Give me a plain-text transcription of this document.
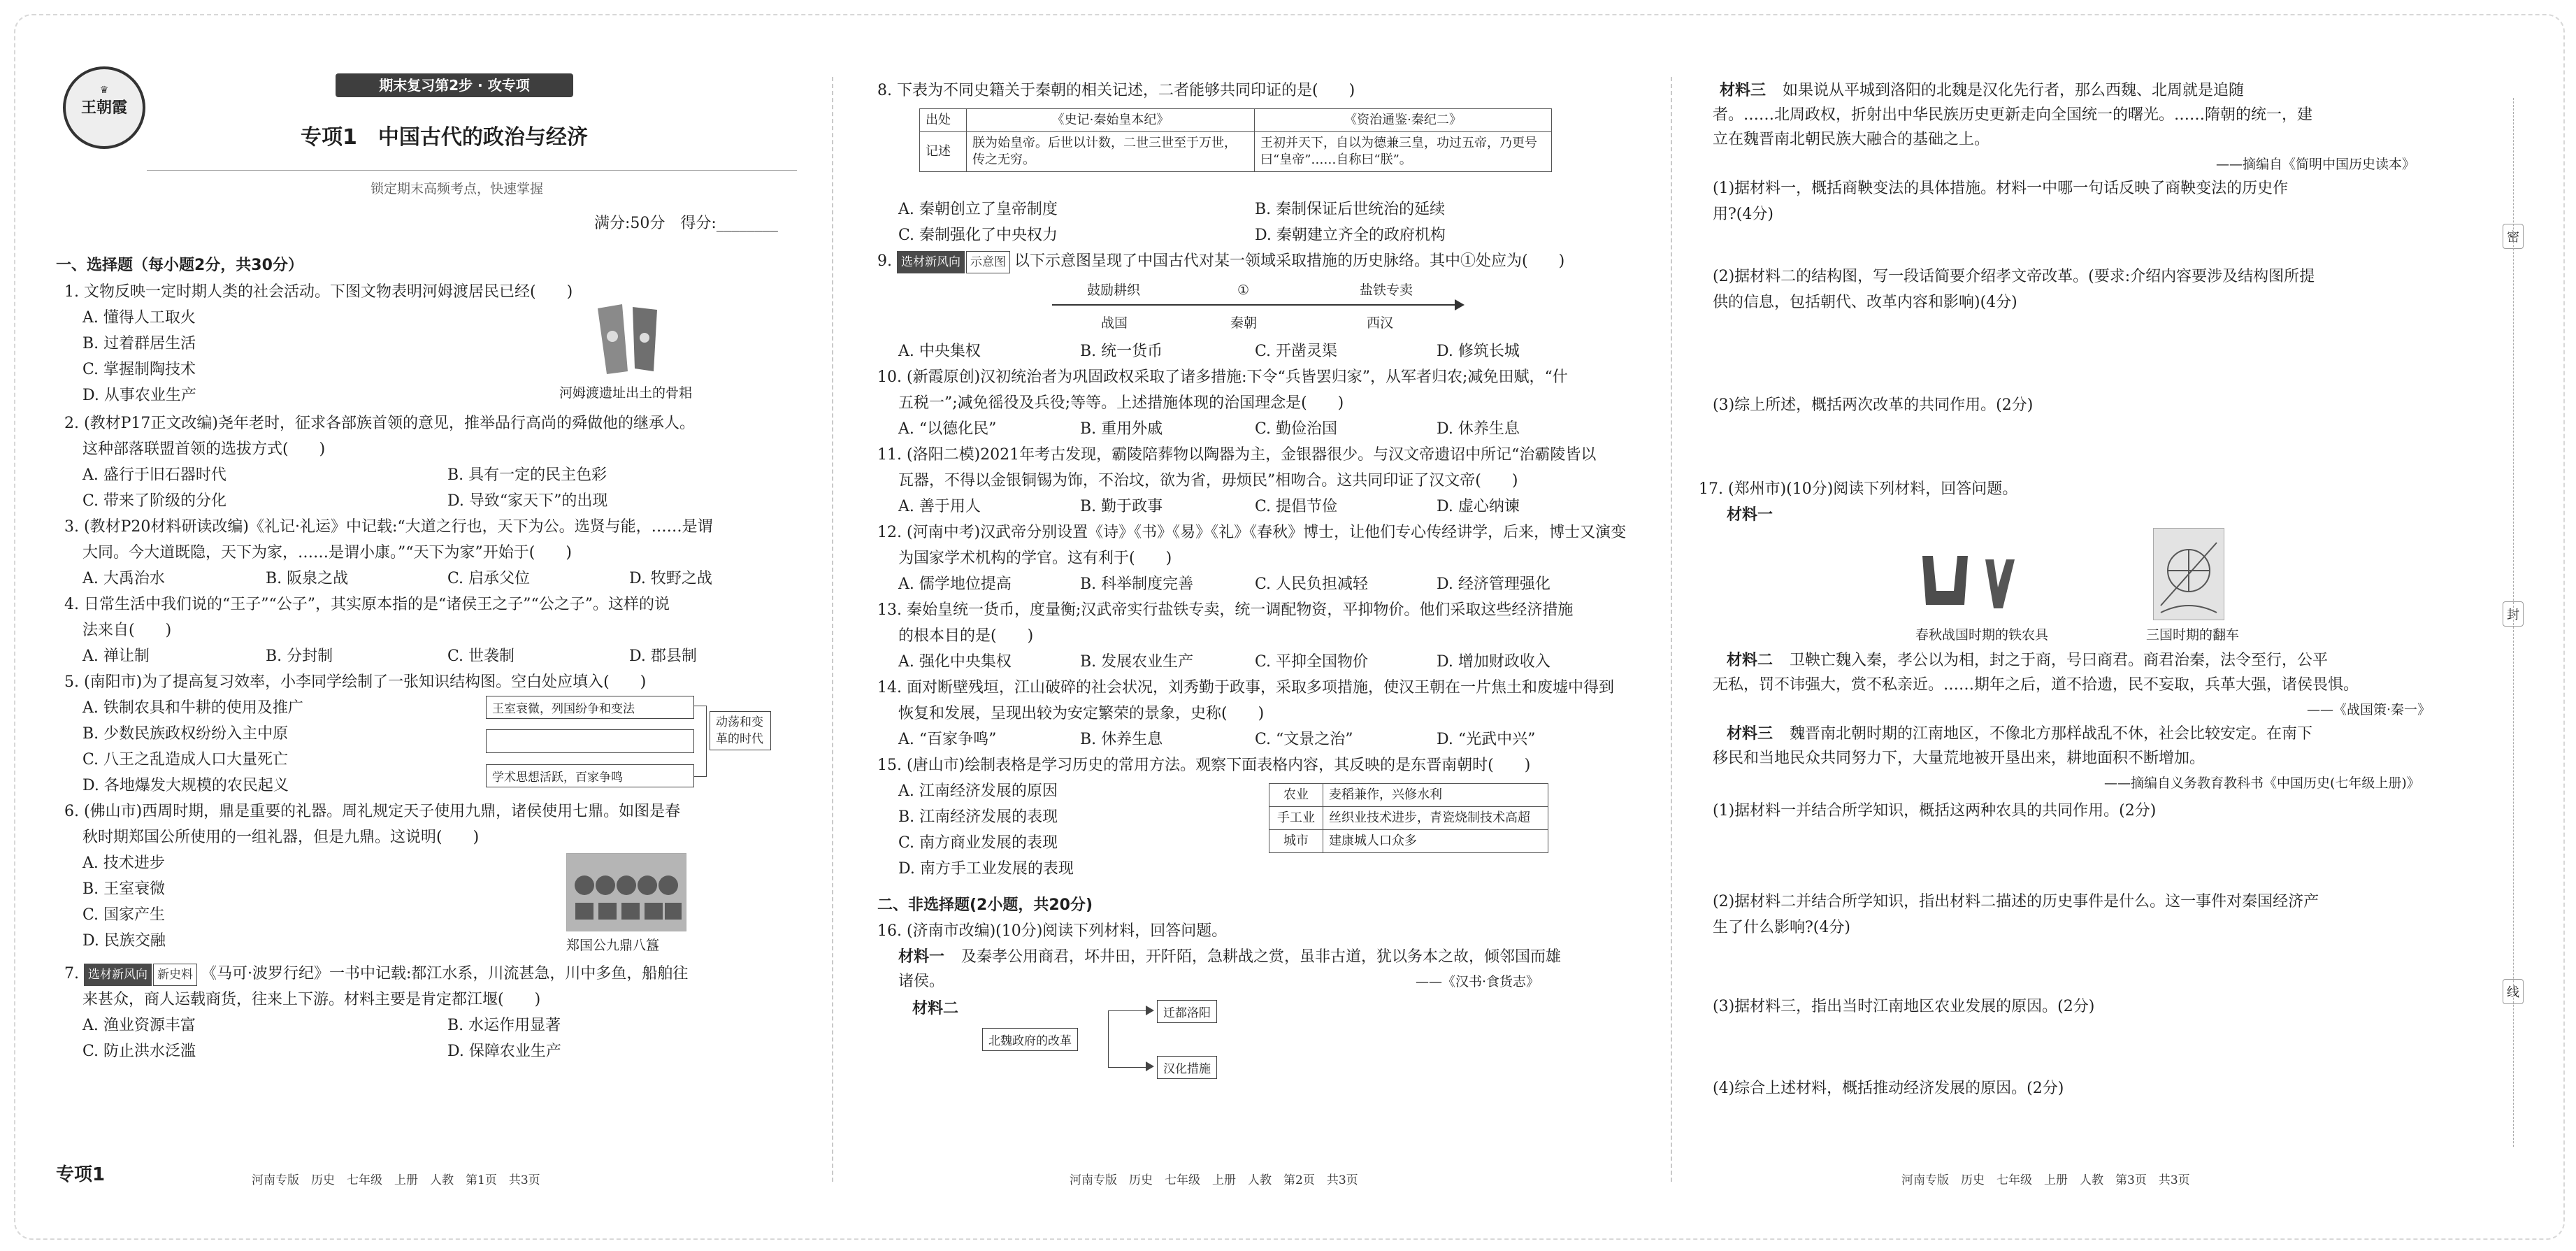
♛
王朝霞
期末复习第2步 · 攻专项
专项1　中国古代的政治与经济
锁定期末高频考点，快速掌握
满分:50分　得分:________
一、选择题（每小题2分，共30分）
1. 文物反映一定时期人类的社会活动。下图文物表明河姆渡居民已经(　　)
A. 懂得人工取火
B. 过着群居生活
C. 掌握制陶技术
D. 从事农业生产	河姆渡遗址出土的骨耜
2. (教材P17正文改编)尧年老时，征求各部族首领的意见，推举品行高尚的舜做他的继承人。
这种部落联盟首领的选拔方式(　　)
A. 盛行于旧石器时代	B. 具有一定的民主色彩
C. 带来了阶级的分化	D. 导致“家天下”的出现
3. (教材P20材料研读改编)《礼记·礼运》中记载:“大道之行也，天下为公。选贤与能，……是谓
大同。今大道既隐，天下为家，……是谓小康。”“天下为家”开始于(　　)
A. 大禹治水	B. 阪泉之战	C. 启承父位	D. 牧野之战
4. 日常生活中我们说的“王子”“公子”，其实原本指的是“诸侯王之子”“公之子”。这样的说
法来自(　　)
A. 禅让制	B. 分封制	C. 世袭制	D. 郡县制
5. (南阳市)为了提高复习效率，小李同学绘制了一张知识结构图。空白处应填入(　　)
A. 铁制农具和牛耕的使用及推广
B. 少数民族政权纷纷入主中原
C. 八王之乱造成人口大量死亡
D. 各地爆发大规模的农民起义
王室衰微，列国纷争和变法
学术思想活跃，百家争鸣
动荡和变革的时代
6. (佛山市)西周时期，鼎是重要的礼器。周礼规定天子使用九鼎，诸侯使用七鼎。如图是春
秋时期郑国公所使用的一组礼器，但是九鼎。这说明(　　)
A. 技术进步
B. 王室衰微
C. 国家产生
D. 民族交融	郑国公九鼎八簋
7. 选材新风向 新史料 《马可·波罗行纪》一书中记载:都江水系，川流甚急，川中多鱼，船舶往
来甚众，商人运载商货，往来上下游。材料主要是肯定都江堰(　　)
A. 渔业资源丰富	B. 水运作用显著
C. 防止洪水泛滥	D. 保障农业生产
专项1	河南专版　历史　七年级　上册　人教　第1页　共3页
8. 下表为不同史籍关于秦朝的相关记述，二者能够共同印证的是(　　)
出处	《史记·秦始皇本纪》	《资治通鉴·秦纪二》
记述	朕为始皇帝。后世以计数，二世三世至于万世，传之无穷。	王初并天下，自以为德兼三皇，功过五帝，乃更号曰“皇帝”……自称曰“朕”。
A. 秦朝创立了皇帝制度	B. 秦制保证后世统治的延续
C. 秦制强化了中央权力	D. 秦朝建立齐全的政府机构
9. 选材新风向 示意图 以下示意图呈现了中国古代对某一领域采取措施的历史脉络。其中①处应为(　　)
鼓励耕织	①	盐铁专卖
战国	秦朝	西汉
A. 中央集权	B. 统一货币	C. 开凿灵渠	D. 修筑长城
10. (新霞原创)汉初统治者为巩固政权采取了诸多措施:下令“兵皆罢归家”，从军者归农;减免田赋，“什
五税一”;减免徭役及兵役;等等。上述措施体现的治国理念是(　　)
A. “以德化民”	B. 重用外戚	C. 勤俭治国	D. 休养生息
11. (洛阳二模)2021年考古发现，霸陵陪葬物以陶器为主，金银器很少。与汉文帝遗诏中所记“治霸陵皆以
瓦器，不得以金银铜锡为饰，不治坟，欲为省，毋烦民”相吻合。这共同印证了汉文帝(　　)
A. 善于用人	B. 勤于政事	C. 提倡节俭	D. 虚心纳谏
12. (河南中考)汉武帝分别设置《诗》《书》《易》《礼》《春秋》博士，让他们专心传经讲学，后来，博士又演变
为国家学术机构的学官。这有利于(　　)
A. 儒学地位提高	B. 科举制度完善	C. 人民负担减轻	D. 经济管理强化
13. 秦始皇统一货币，度量衡;汉武帝实行盐铁专卖，统一调配物资，平抑物价。他们采取这些经济措施
的根本目的是(　　)
A. 强化中央集权	B. 发展农业生产	C. 平抑全国物价	D. 增加财政收入
14. 面对断壁残垣，江山破碎的社会状况，刘秀勤于政事，采取多项措施，使汉王朝在一片焦土和废墟中得到
恢复和发展，呈现出较为安定繁荣的景象，史称(　　)
A. “百家争鸣”	B. 休养生息	C. “文景之治”	D. “光武中兴”
15. (唐山市)绘制表格是学习历史的常用方法。观察下面表格内容，其反映的是东晋南朝时(　　)
A. 江南经济发展的原因
B. 江南经济发展的表现
C. 南方商业发展的表现
D. 南方手工业发展的表现
农业	麦稻兼作，兴修水利
手工业	丝织业技术进步，青瓷烧制技术高超
城市	建康城人口众多
二、非选择题(2小题，共20分)
16. (济南市改编)(10分)阅读下列材料，回答问题。
材料一 及秦孝公用商君，坏井田，开阡陌，急耕战之赏，虽非古道，犹以务本之故，倾邻国而雄
诸侯。	——《汉书·食货志》
材料二
北魏政府的改革
迁都洛阳
汉化措施
河南专版　历史　七年级　上册　人教　第2页　共3页
材料三 如果说从平城到洛阳的北魏是汉化先行者，那么西魏、北周就是追随
者。……北周政权，折射出中华民族历史更新走向全国统一的曙光。……隋朝的统一，建
立在魏晋南北朝民族大融合的基础之上。
——摘编自《简明中国历史读本》
(1)据材料一，概括商鞅变法的具体措施。材料一中哪一句话反映了商鞅变法的历史作
用?(4分)
(2)据材料二的结构图，写一段话简要介绍孝文帝改革。(要求:介绍内容要涉及结构图所提
供的信息，包括朝代、改革内容和影响)(4分)
(3)综上所述，概括两次改革的共同作用。(2分)
17. (郑州市)(10分)阅读下列材料，回答问题。
材料一
春秋战国时期的铁农具	三国时期的翻车
材料二 卫鞅亡魏入秦，孝公以为相，封之于商，号曰商君。商君治秦，法令至行，公平
无私，罚不讳强大，赏不私亲近。……期年之后，道不拾遗，民不妄取，兵革大强，诸侯畏惧。
——《战国策·秦一》
材料三 魏晋南北朝时期的江南地区，不像北方那样战乱不休，社会比较安定。在南下
移民和当地民众共同努力下，大量荒地被开垦出来，耕地面积不断增加。
——摘编自义务教育教科书《中国历史(七年级上册)》
(1)据材料一并结合所学知识，概括这两种农具的共同作用。(2分)
(2)据材料二并结合所学知识，指出材料二描述的历史事件是什么。这一事件对秦国经济产
生了什么影响?(4分)
(3)据材料三，指出当时江南地区农业发展的原因。(2分)
(4)综合上述材料，概括推动经济发展的原因。(2分)
河南专版　历史　七年级　上册　人教　第3页　共3页
密
封
线
